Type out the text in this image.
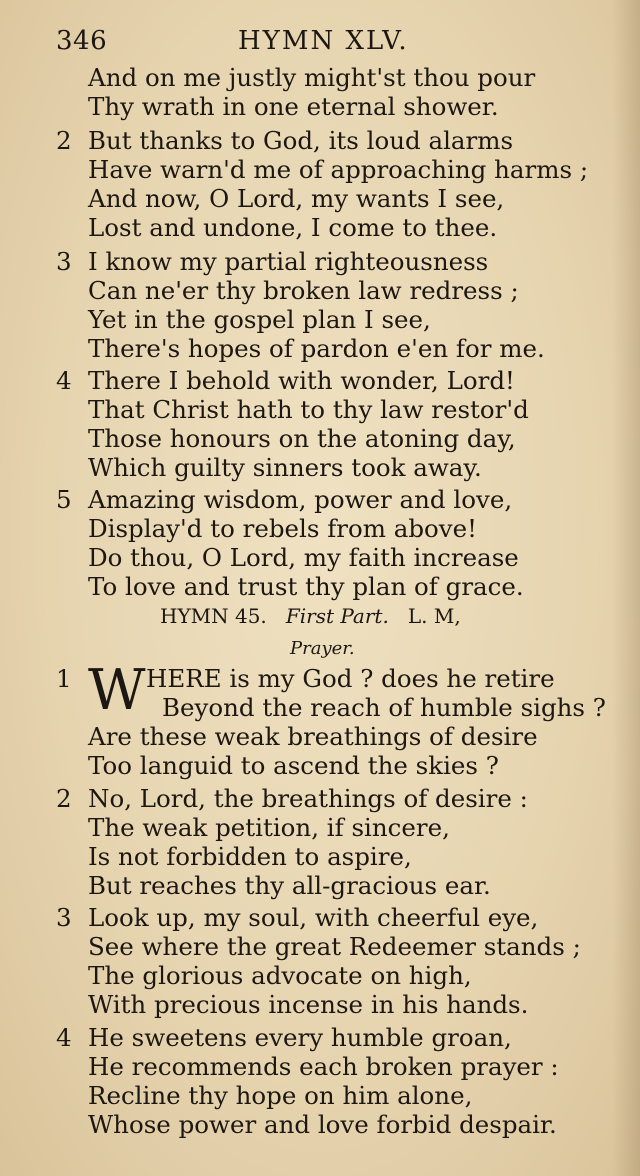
346	HYMN XLV.
And on me justly might'st thou pour
Thy wrath in one eternal shower.
2 But thanks to God, its loud alarms
Have warn'd me of approaching harms ;
And now, O Lord, my wants I see,
Lost and undone, I come to thee.
3 I know my partial righteousness
Can ne'er thy broken law redress ;
Yet in the gospel plan I see,
There's hopes of pardon e'en for me.
4 There I behold with wonder, Lord!
That Christ hath to thy law restor'd
Those honours on the atoning day,
Which guilty sinners took away.
5 Amazing wisdom, power and love,
Display'd to rebels from above!
Do thou, O Lord, my faith increase
To love and trust thy plan of grace.
HYMN 45. First Part. L. M,
Prayer.
1 W HERE is my God ? does he retire
Beyond the reach of humble sighs ?
Are these weak breathings of desire
Too languid to ascend the skies ?
2 No, Lord, the breathings of desire :
The weak petition, if sincere,
Is not forbidden to aspire,
But reaches thy all-gracious ear.
3 Look up, my soul, with cheerful eye,
See where the great Redeemer stands ;
The glorious advocate on high,
With precious incense in his hands.
4 He sweetens every humble groan,
He recommends each broken prayer :
Recline thy hope on him alone,
Whose power and love forbid despair.
